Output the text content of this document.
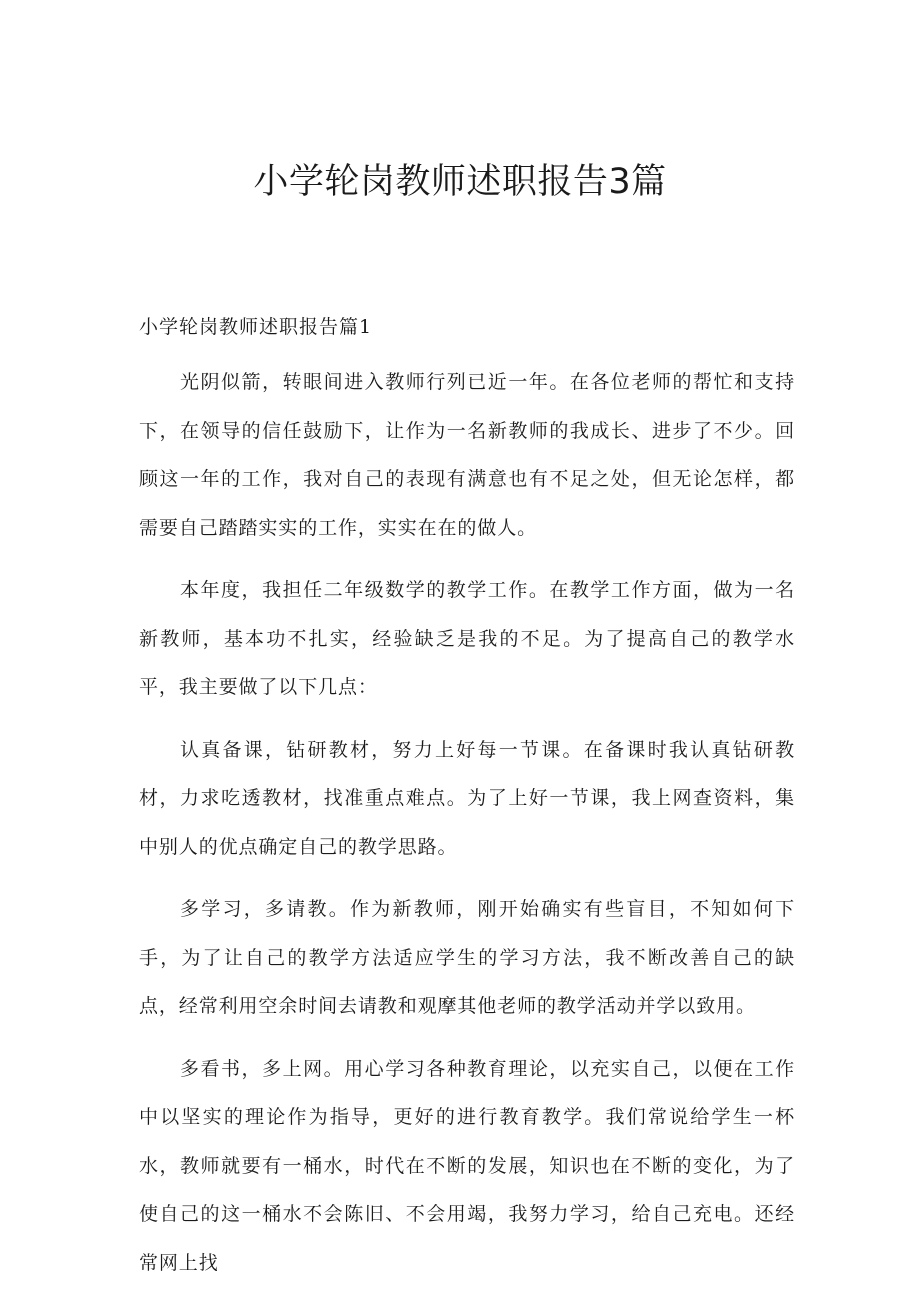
小学轮岗教师述职报告3篇
小学轮岗教师述职报告篇1

光阴似箭，转眼间进入教师行列已近一年。在各位老师的帮忙和支持下，在领导的信任鼓励下，让作为一名新教师的我成长、进步了不少。回顾这一年的工作，我对自己的表现有满意也有不足之处，但无论怎样，都需要自己踏踏实实的工作，实实在在的做人。

本年度，我担任二年级数学的教学工作。在教学工作方面，做为一名新教师，基本功不扎实，经验缺乏是我的不足。为了提高自己的教学水平，我主要做了以下几点：

认真备课，钻研教材，努力上好每一节课。在备课时我认真钻研教材，力求吃透教材，找准重点难点。为了上好一节课，我上网查资料，集中别人的优点确定自己的教学思路。

多学习，多请教。作为新教师，刚开始确实有些盲目，不知如何下手，为了让自己的教学方法适应学生的学习方法，我不断改善自己的缺点，经常利用空余时间去请教和观摩其他老师的教学活动并学以致用。

多看书，多上网。用心学习各种教育理论，以充实自己，以便在工作中以坚实的理论作为指导，更好的进行教育教学。我们常说给学生一杯水，教师就要有一桶水，时代在不断的发展，知识也在不断的变化，为了使自己的这一桶水不会陈旧、不会用竭，我努力学习，给自己充电。还经常网上找
